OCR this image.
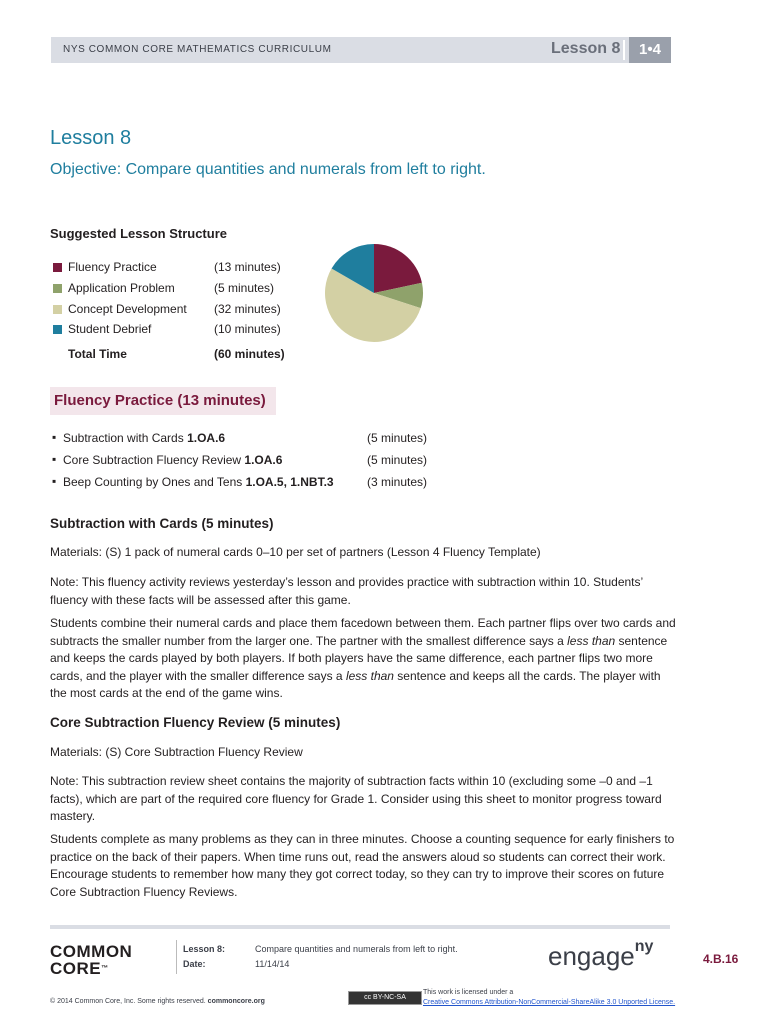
NYS COMMON CORE MATHEMATICS CURRICULUM	Lesson 8	1•4
Lesson 8
Objective: Compare quantities and numerals from left to right.
Suggested Lesson Structure
Fluency Practice	(13 minutes)
Application Problem	(5 minutes)
Concept Development (32 minutes)
Student Debrief	(10 minutes)
Total Time	(60 minutes)
Fluency Practice (13 minutes)
▪ Subtraction with Cards 1.OA.6	(5 minutes)
▪ Core Subtraction Fluency Review 1.OA.6	(5 minutes)
▪ Beep Counting by Ones and Tens 1.OA.5, 1.NBT.3	(3 minutes)
Subtraction with Cards (5 minutes)
Materials: (S) 1 pack of numeral cards 0–10 per set of partners (Lesson 4 Fluency Template)
Note: This fluency activity reviews yesterday’s lesson and provides practice with subtraction within 10. Students’ fluency with these facts will be assessed after this game.
Students combine their numeral cards and place them facedown between them. Each partner flips over two cards and subtracts the smaller number from the larger one. The partner with the smallest difference says a less than sentence and keeps the cards played by both players. If both players have the same difference, each partner flips two more cards, and the player with the smaller difference says a less than sentence and keeps all the cards. The player with the most cards at the end of the game wins.
Core Subtraction Fluency Review (5 minutes)
Materials: (S) Core Subtraction Fluency Review
Note: This subtraction review sheet contains the majority of subtraction facts within 10 (excluding some –0 and –1 facts), which are part of the required core fluency for Grade 1. Consider using this sheet to monitor progress toward mastery.
Students complete as many problems as they can in three minutes. Choose a counting sequence for early finishers to practice on the back of their papers. When time runs out, read the answers aloud so students can correct their work. Encourage students to remember how many they got correct today, so they can try to improve their scores on future Core Subtraction Fluency Reviews.
COMMON
CORE™
Lesson 8:	Compare quantities and numerals from left to right.
Date:	11/14/14	engage$^{ny}$
4.B.16
© 2014 Common Core, Inc. Some rights reserved. commoncore.org
cc BY-NC-SA
This work is licensed under a
Creative Commons Attribution-NonCommercial-ShareAlike 3.0 Unported License.
